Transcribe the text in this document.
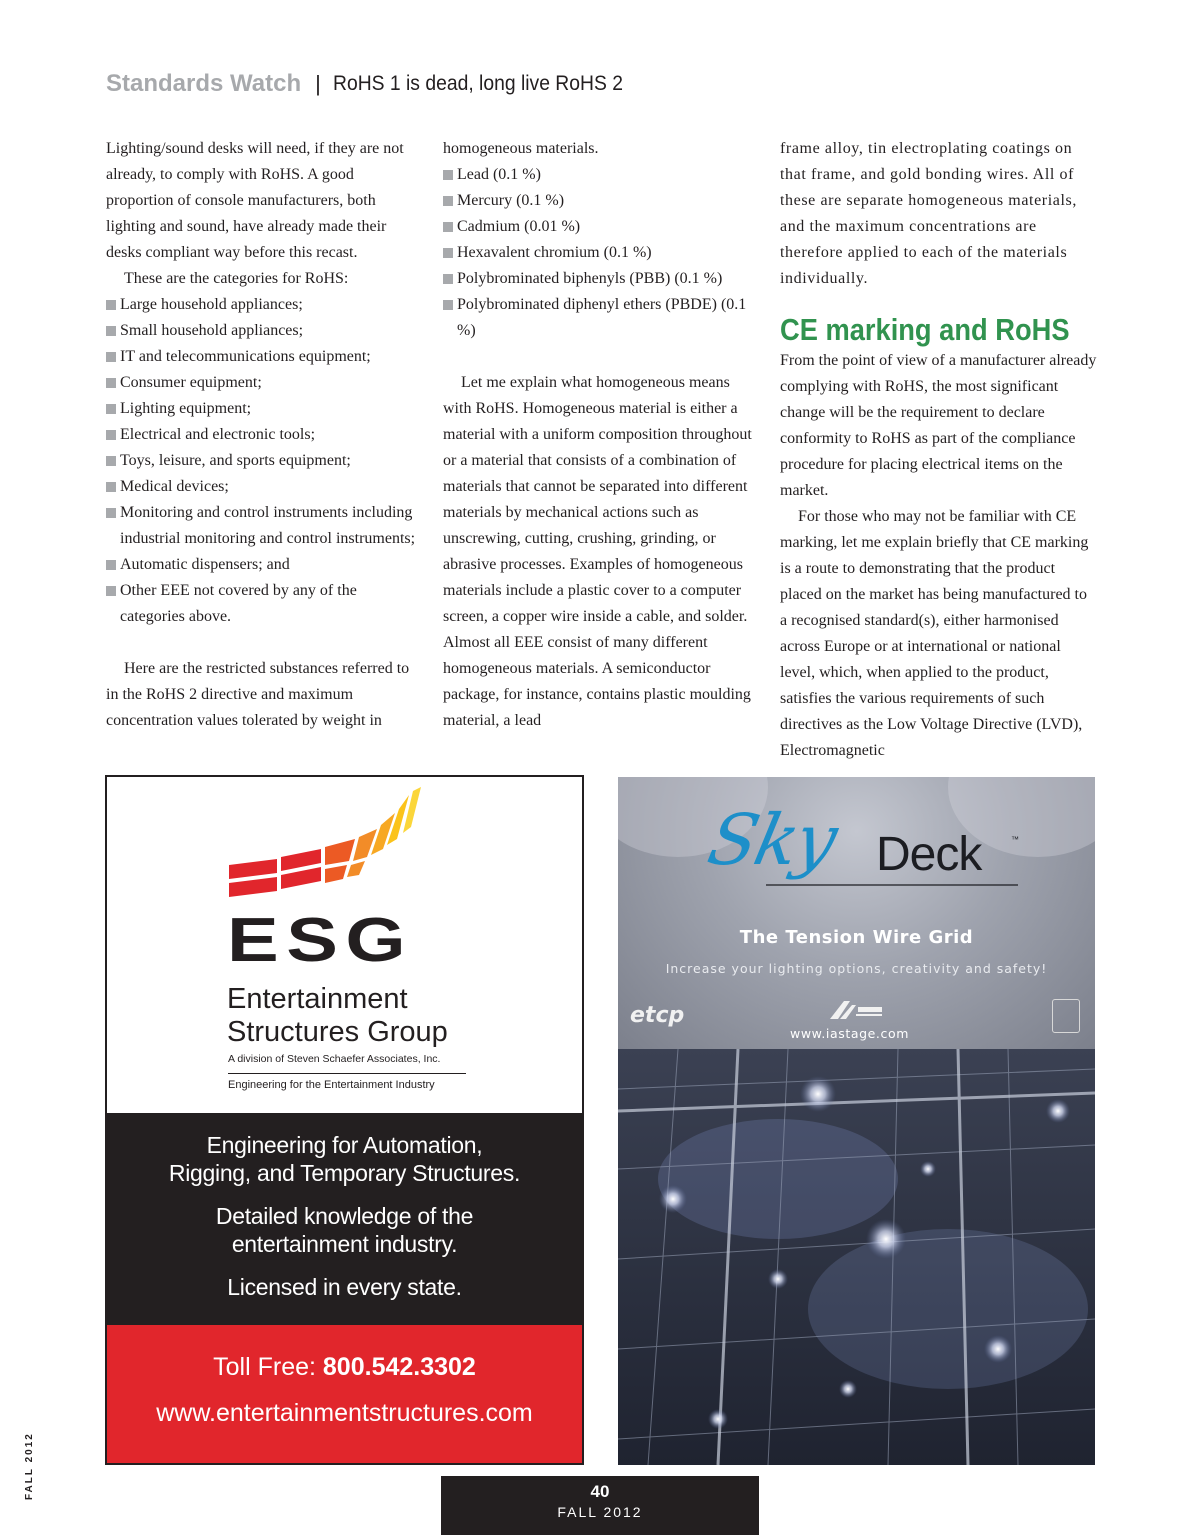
Standards Watch | RoHS 1 is dead, long live RoHS 2

Lighting/sound desks will need, if they are not already, to comply with RoHS. A good proportion of console manufacturers, both lighting and sound, have already made their desks compliant way before this recast.

These are the categories for RoHS:

Large household appliances;
Small household appliances;
IT and telecommunications equipment;
Consumer equipment;
Lighting equipment;
Electrical and electronic tools;
Toys, leisure, and sports equipment;
Medical devices;
Monitoring and control instruments including industrial monitoring and control instruments;
Automatic dispensers; and
Other EEE not covered by any of the categories above.

Here are the restricted substances referred to in the RoHS 2 directive and maximum concentration values tolerated by weight in

homogeneous materials.

Lead (0.1 %)
Mercury (0.1 %)
Cadmium (0.01 %)
Hexavalent chromium (0.1 %)
Polybrominated biphenyls (PBB) (0.1 %)
Polybrominated diphenyl ethers (PBDE) (0.1 %)

Let me explain what homogeneous means with RoHS. Homogeneous material is either a material with a uniform composition throughout or a material that consists of a combination of materials that cannot be separated into different materials by mechanical actions such as unscrewing, cutting, crushing, grinding, or abrasive processes. Examples of homogeneous materials include a plastic cover to a computer screen, a copper wire inside a cable, and solder. Almost all EEE consist of many different homogeneous materials. A semiconductor package, for instance, contains plastic moulding material, a lead

frame alloy, tin electroplating coatings on that frame, and gold bonding wires. All of these are separate homogeneous materials, and the maximum concentrations are therefore applied to each of the materials individually.

CE marking and RoHS

From the point of view of a manufacturer already complying with RoHS, the most significant change will be the requirement to declare conformity to RoHS as part of the compliance procedure for placing electrical items on the market.

For those who may not be familiar with CE marking, let me explain briefly that CE marking is a route to demonstrating that the product placed on the market has being manufactured to a recognised standard(s), either harmonised across Europe or at international or national level, which, when applied to the product, satisfies the various requirements of such directives as the Low Voltage Directive (LVD), Electromagnetic

ESG
Entertainment
Structures Group
A division of Steven Schaefer Associates, Inc.
Engineering for the Entertainment Industry
Engineering for Automation,
Rigging, and Temporary Structures.
Detailed knowledge of the
entertainment industry.
Licensed in every state.
Toll Free: 800.542.3302
www.entertainmentstructures.com
Sky Deck	™
The Tension Wire Grid
Increase your lighting options, creativity and safety!
etcp
www.iastage.com
FALL 2012	40
FALL 2012
